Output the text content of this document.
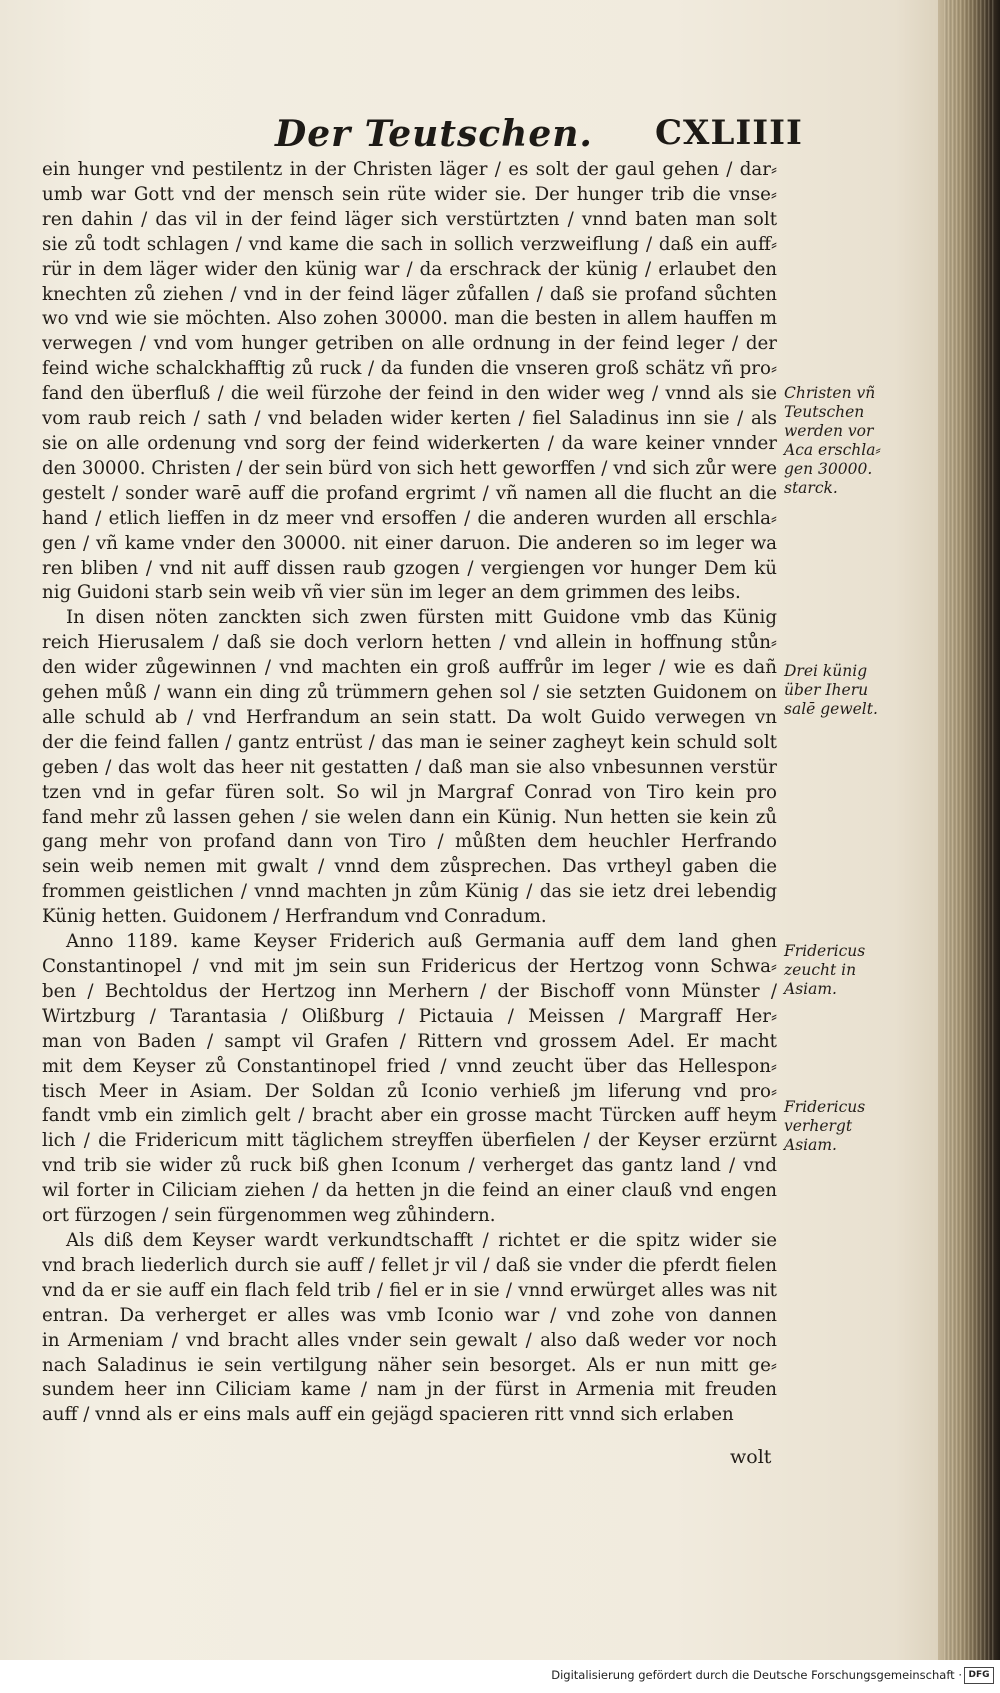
Der Teutschen. CXLIIII
ein hunger vnd pestilentz in der Christen läger / es solt der gaul gehen / dar⸗
umb war Gott vnd der mensch sein rüte wider sie. Der hunger trib die vnse⸗
ren dahin / das vil in der feind läger sich verstürtzten / vnnd baten man solt
sie zů todt schlagen / vnd kame die sach in sollich verzweiflung / daß ein auff⸗
rür in dem läger wider den künig war / da erschrack der künig / erlaubet den
knechten zů ziehen / vnd in der feind läger zůfallen / daß sie profand sůchten
wo vnd wie sie möchten. Also zohen 30000. man die besten in allem hauffen m
verwegen / vnd vom hunger getriben on alle ordnung in der feind leger / der
feind wiche schalckhafftig zů ruck / da funden die vnseren groß schätz vñ pro⸗
fand den überfluß / die weil fürzohe der feind in den wider weg / vnnd als sie
vom raub reich / sath / vnd beladen wider kerten / fiel Saladinus inn sie / als
sie on alle ordenung vnd sorg der feind widerkerten / da ware keiner vnnder
den 30000. Christen / der sein bürd von sich hett geworffen / vnd sich zůr were
gestelt / sonder warē auff die profand ergrimt / vñ namen all die flucht an die
hand / etlich lieffen in dz meer vnd ersoffen / die anderen wurden all erschla⸗
gen / vñ kame vnder den 30000. nit einer daruon. Die anderen so im leger wa
ren bliben / vnd nit auff dissen raub gzogen / vergiengen vor hunger Dem kü
nig Guidoni starb sein weib vñ vier sün im leger an dem grimmen des leibs.
In disen nöten zanckten sich zwen fürsten mitt Guidone vmb das Künig
reich Hierusalem / daß sie doch verlorn hetten / vnd allein in hoffnung stůn⸗
den wider zůgewinnen / vnd machten ein groß auffrůr im leger / wie es dañ
gehen můß / wann ein ding zů trümmern gehen sol / sie setzten Guidonem on
alle schuld ab / vnd Herfrandum an sein statt. Da wolt Guido verwegen vn
der die feind fallen / gantz entrüst / das man ie seiner zagheyt kein schuld solt
geben / das wolt das heer nit gestatten / daß man sie also vnbesunnen verstür
tzen vnd in gefar füren solt. So wil jn Margraf Conrad von Tiro kein pro
fand mehr zů lassen gehen / sie welen dann ein Künig. Nun hetten sie kein zů
gang mehr von profand dann von Tiro / můßten dem heuchler Herfrando
sein weib nemen mit gwalt / vnnd dem zůsprechen. Das vrtheyl gaben die
frommen geistlichen / vnnd machten jn zům Künig / das sie ietz drei lebendig
Künig hetten. Guidonem / Herfrandum vnd Conradum.
Anno 1189. kame Keyser Friderich auß Germania auff dem land ghen
Constantinopel / vnd mit jm sein sun Fridericus der Hertzog vonn Schwa⸗
ben / Bechtoldus der Hertzog inn Merhern / der Bischoff vonn Münster /
Wirtzburg / Tarantasia / Olißburg / Pictauia / Meissen / Margraff Her⸗
man von Baden / sampt vil Grafen / Rittern vnd grossem Adel. Er macht
mit dem Keyser zů Constantinopel fried / vnnd zeucht über das Hellespon⸗
tisch Meer in Asiam. Der Soldan zů Iconio verhieß jm liferung vnd pro⸗
fandt vmb ein zimlich gelt / bracht aber ein grosse macht Türcken auff heym
lich / die Fridericum mitt täglichem streyffen überfielen / der Keyser erzürnt
vnd trib sie wider zů ruck biß ghen Iconum / verherget das gantz land / vnd
wil forter in Ciliciam ziehen / da hetten jn die feind an einer clauß vnd engen
ort fürzogen / sein fürgenommen weg zůhindern.
Als diß dem Keyser wardt verkundtschafft / richtet er die spitz wider sie
vnd brach liederlich durch sie auff / fellet jr vil / daß sie vnder die pferdt fielen
vnd da er sie auff ein flach feld trib / fiel er in sie / vnnd erwürget alles was nit
entran. Da verherget er alles was vmb Iconio war / vnd zohe von dannen
in Armeniam / vnd bracht alles vnder sein gewalt / also daß weder vor noch
nach Saladinus ie sein vertilgung näher sein besorget. Als er nun mitt ge⸗
sundem heer inn Ciliciam kame / nam jn der fürst in Armenia mit freuden
auff / vnnd als er eins mals auff ein gejägd spacieren ritt vnnd sich erlaben
Christen vñ
Teutschen
werden vor
Aca erschla⸗
gen 30000.
starck.
Drei künig
über Iheru
salē gewelt.
Fridericus
zeucht in
Asiam.
Fridericus
verhergt
Asiam.
wolt
Digitalisierung gefördert durch die Deutsche Forschungsgemeinschaft · DFG
